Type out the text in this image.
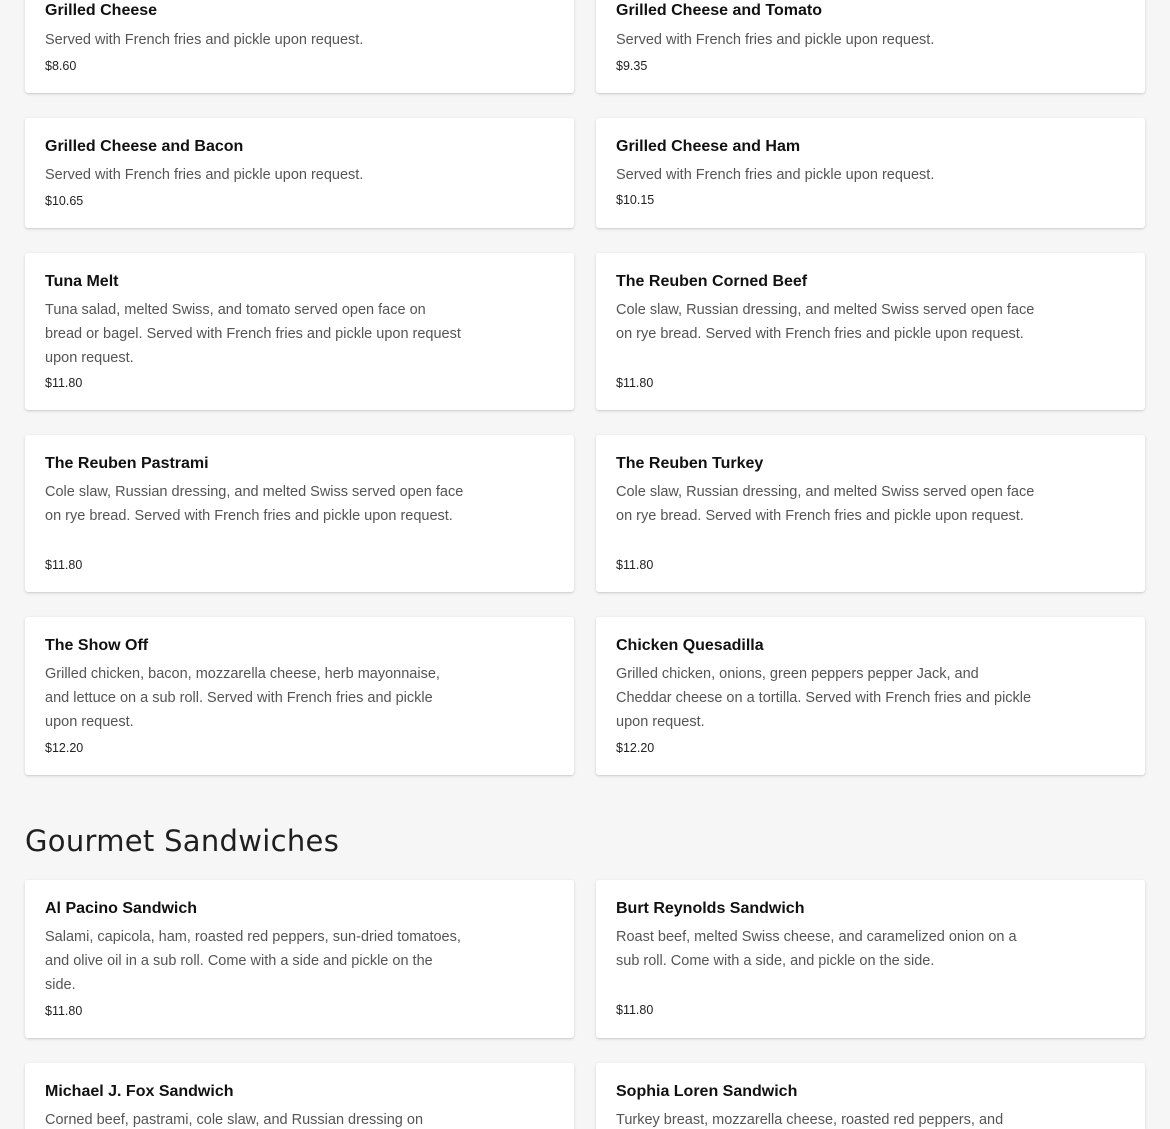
Grilled Cheese
Served with French fries and pickle upon request.
$8.60
Grilled Cheese and Tomato
Served with French fries and pickle upon request.
$9.35
Grilled Cheese and Bacon
Served with French fries and pickle upon request.
$10.65
Grilled Cheese and Ham
Served with French fries and pickle upon request.
$10.15
Tuna Melt
Tuna salad, melted Swiss, and tomato served open face on bread or bagel. Served with French fries and pickle upon request upon request.
$11.80
The Reuben Corned Beef
Cole slaw, Russian dressing, and melted Swiss served open face on rye bread. Served with French fries and pickle upon request.
$11.80
The Reuben Pastrami
Cole slaw, Russian dressing, and melted Swiss served open face on rye bread. Served with French fries and pickle upon request.
$11.80
The Reuben Turkey
Cole slaw, Russian dressing, and melted Swiss served open face on rye bread. Served with French fries and pickle upon request.
$11.80
The Show Off
Grilled chicken, bacon, mozzarella cheese, herb mayonnaise, and lettuce on a sub roll. Served with French fries and pickle upon request.
$12.20
Chicken Quesadilla
Grilled chicken, onions, green peppers pepper Jack, and Cheddar cheese on a tortilla. Served with French fries and pickle upon request.
$12.20
Gourmet Sandwiches
Al Pacino Sandwich
Salami, capicola, ham, roasted red peppers, sun-dried tomatoes, and olive oil in a sub roll. Come with a side and pickle on the side.
$11.80
Burt Reynolds Sandwich
Roast beef, melted Swiss cheese, and caramelized onion on a sub roll. Come with a side, and pickle on the side.
$11.80
Michael J. Fox Sandwich
Corned beef, pastrami, cole slaw, and Russian dressing on
Sophia Loren Sandwich
Turkey breast, mozzarella cheese, roasted red peppers, and
